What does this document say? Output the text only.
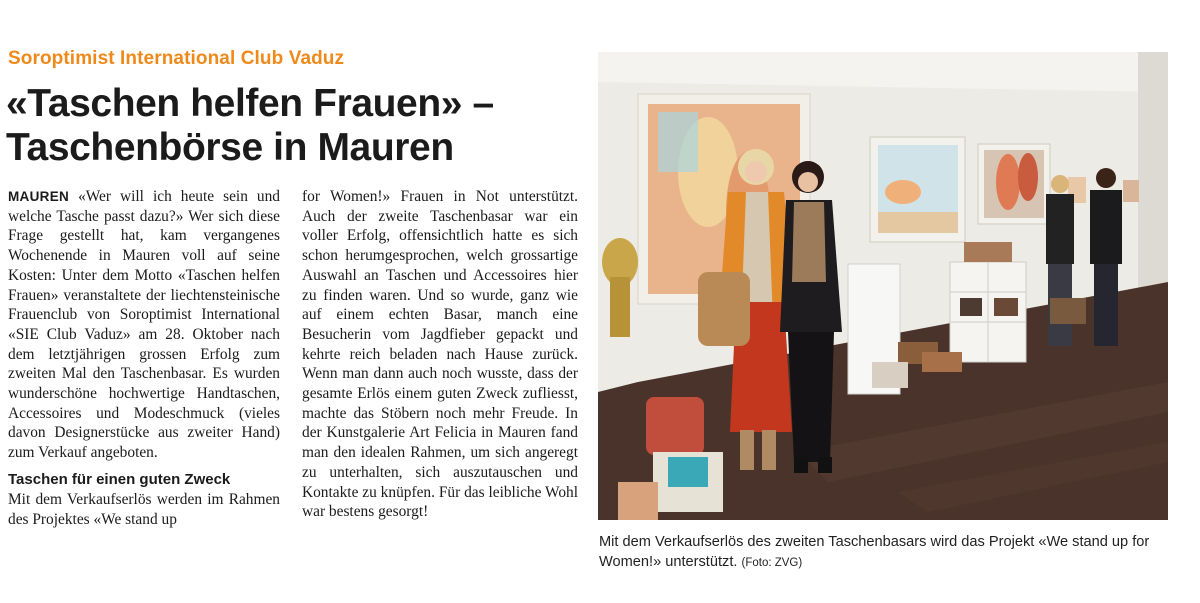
Soroptimist International Club Vaduz
«Taschen helfen Frauen» –
Taschenbörse in Mauren

MAUREN «Wer will ich heute sein und welche Tasche passt dazu?» Wer sich diese Frage gestellt hat, kam vergangenes Wochenende in Mauren voll auf seine Kosten: Unter dem Motto «Taschen helfen Frauen» veranstaltete der liechtensteinische Frauenclub von Soroptimist International «SIE Club Vaduz» am 28. Oktober nach dem letztjährigen grossen Erfolg zum zweiten Mal den Taschenbasar. Es wurden wunderschöne hochwertige Handtaschen, Accessoires und Modeschmuck (vieles davon Designerstücke aus zweiter Hand) zum Verkauf angeboten.

Taschen für einen guten Zweck

Mit dem Verkaufserlös werden im Rahmen des Projektes «We stand up

for Women!» Frauen in Not unterstützt. Auch der zweite Taschenbasar war ein voller Erfolg, offensichtlich hatte es sich schon herumgesprochen, welch grossartige Auswahl an Taschen und Accessoires hier zu finden waren. Und so wurde, ganz wie auf einem echten Basar, manch eine Besucherin vom Jagdfieber gepackt und kehrte reich beladen nach Hause zurück. Wenn man dann auch noch wusste, dass der gesamte Erlös einem guten Zweck zufliesst, machte das Stöbern noch mehr Freude. In der Kunstgalerie Art Felicia in Mauren fand man den idealen Rahmen, um sich angeregt zu unterhalten, sich auszutauschen und Kontakte zu knüpfen. Für das leibliche Wohl war bestens gesorgt!

Mit dem Verkaufserlös des zweiten Taschenbasars wird das Projekt «We stand up for Women!» unterstützt. (Foto: ZVG)
